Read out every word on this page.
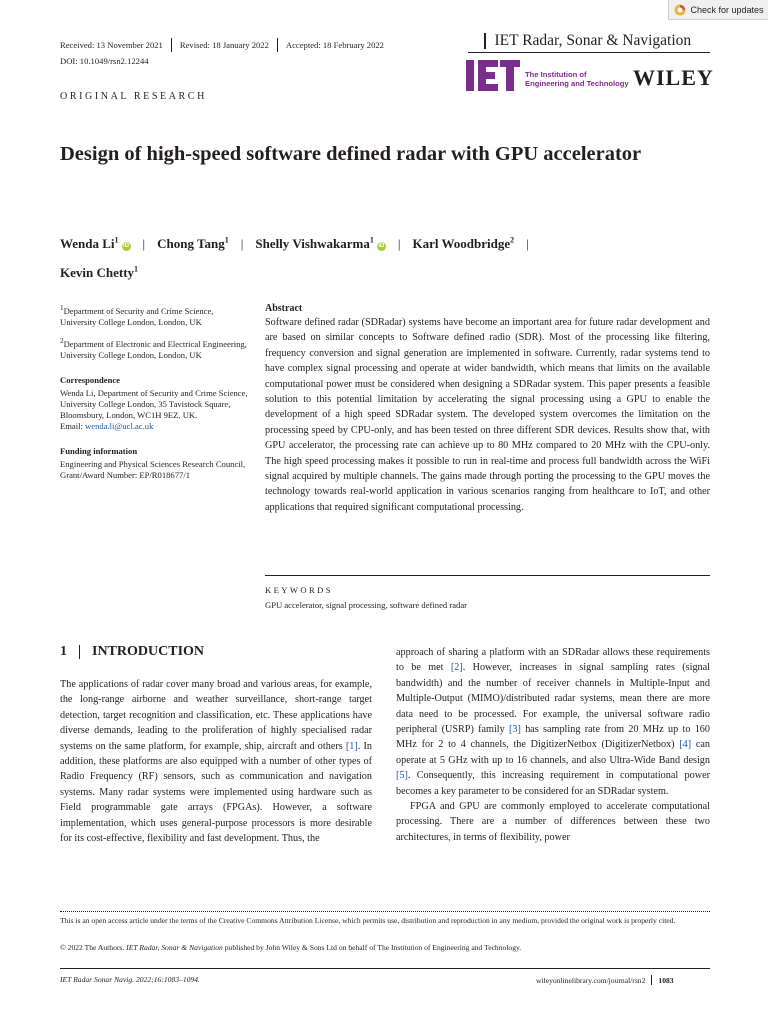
Check for updates
Received: 13 November 2021 Revised: 18 January 2022 Accepted: 18 February 2022
DOI: 10.1049/rsn2.12244
IET Radar, Sonar & Navigation
The Institution of
Engineering and Technology WILEY
ORIGINAL RESEARCH
Design of high-speed software defined radar with GPU accelerator
Wenda Li$^1$iD | Chong Tang$^1$ | Shelly Vishwakarma$^1$iD | Karl Woodbridge$^2$ |
Kevin Chetty$^1$

$^1$Department of Security and Crime Science, University College London, London, UK

$^2$Department of Electronic and Electrical Engineering, University College London, London, UK

Correspondence

Wenda Li, Department of Security and Crime Science, University College London, 35 Tavistock Square, Bloomsbury, London, WC1H 9EZ, UK.
Email: wenda.li@ucl.ac.uk

Funding information

Engineering and Physical Sciences Research Council, Grant/Award Number: EP/R018677/1

Abstract
Software defined radar (SDRadar) systems have become an important area for future radar development and are based on similar concepts to Software defined radio (SDR). Most of the processing like filtering, frequency conversion and signal generation are implemented in software. Currently, radar systems tend to have complex signal processing and operate at wider bandwidth, which means that limits on the available computational power must be considered when designing a SDRadar system. This paper presents a feasible solution to this potential limitation by accelerating the signal processing using a GPU to enable the development of a high speed SDRadar system. The developed system overcomes the limitation on the processing speed by CPU-only, and has been tested on three different SDR devices. Results show that, with GPU accelerator, the processing rate can achieve up to 80 MHz compared to 20 MHz with the CPU-only. The high speed processing makes it possible to run in real-time and process full bandwidth across the WiFi signal acquired by multiple channels. The gains made through porting the processing to the GPU moves the technology towards real-world application in various scenarios ranging from healthcare to IoT, and other applications that required significant computational processing.
KEYWORDS
GPU accelerator, signal processing, software defined radar
1 INTRODUCTION

The applications of radar cover many broad and various areas, for example, the long-range airborne and weather surveillance, short-range target detection, target recognition and classification, etc. These applications have diverse demands, leading to the proliferation of highly specialised radar systems on the same platform, for example, ship, aircraft and others [1]. In addition, these platforms are also equipped with a number of other types of Radio Frequency (RF) sensors, such as communication and navigation systems. Many radar systems were implemented using hardware such as Field programmable gate arrays (FPGAs). However, a software implementation, which uses general-purpose processors is more desirable for its cost-effective, flexibility and fast development. Thus, the

approach of sharing a platform with an SDRadar allows these requirements to be met [2]. However, increases in signal sampling rates (signal bandwidth) and the number of receiver channels in Multiple-Input and Multiple-Output (MIMO)/distributed radar systems, mean there are more data need to be processed. For example, the universal software radio peripheral (USRP) family [3] has sampling rate from 20 MHz up to 160 MHz for 2 to 4 channels, the DigitizerNetbox (DigitizerNetbox) [4] can operate at 5 GHz with up to 16 channels, and also Ultra-Wide Band design [5]. Consequently, this increasing requirement in computational power becomes a key parameter to be considered for an SDRadar system.

FPGA and GPU are commonly employed to accelerate computational processing. There are a number of differences between these two architectures, in terms of flexibility, power

This is an open access article under the terms of the Creative Commons Attribution License, which permits use, distribution and reproduction in any medium, provided the original work is properly cited.
© 2022 The Authors. IET Radar, Sonar & Navigation published by John Wiley & Sons Ltd on behalf of The Institution of Engineering and Technology.
IET Radar Sonar Navig. 2022;16:1083–1094.	wileyonlinelibrary.com/journal/rsn2 1083
